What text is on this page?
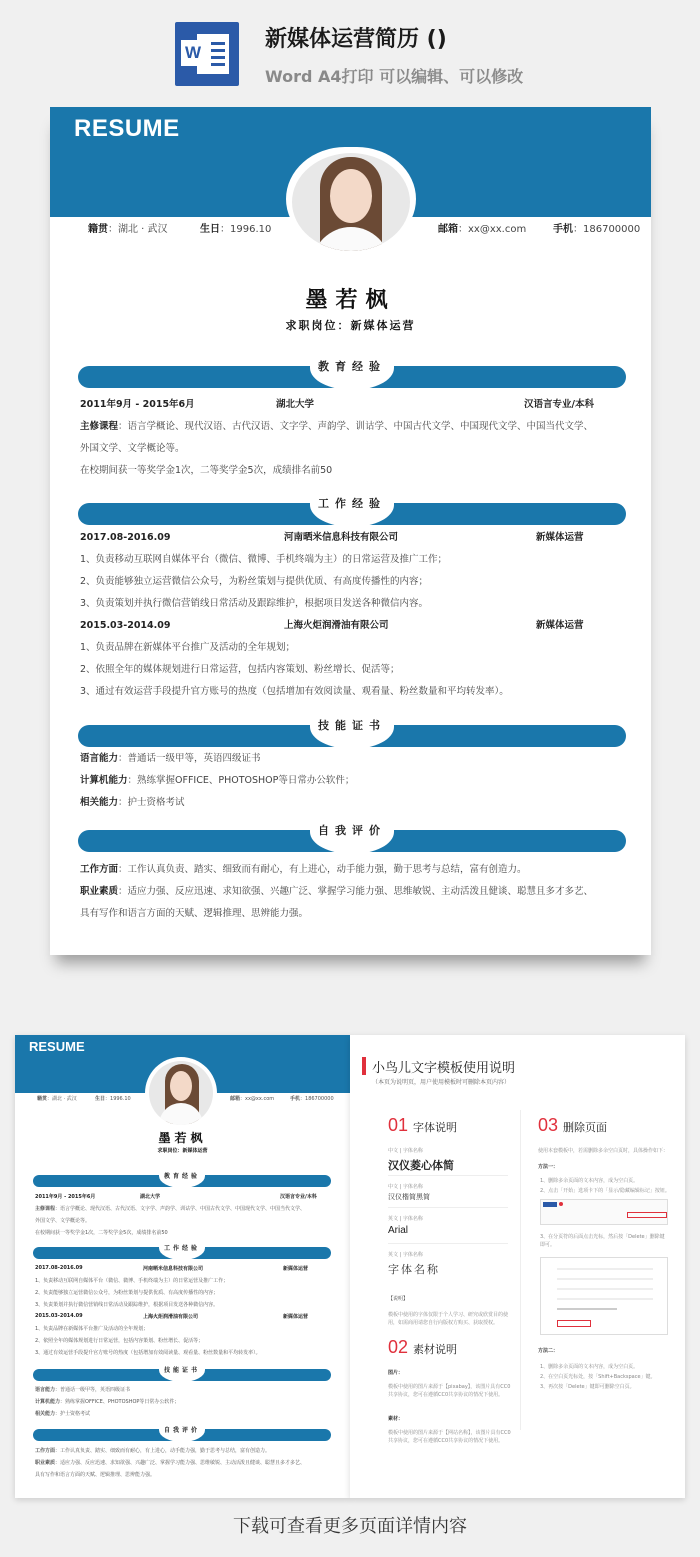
W
新媒体运营简历 ()
Word A4打印 可以编辑、可以修改
RESUME
籍贯：湖北 · 武汉	生日：1996.10	邮箱：xx@xx.com	手机：186700000
墨若枫
求职岗位：新媒体运营
教育经验
2011年9月 - 2015年6月	湖北大学	汉语言专业/本科
主修课程：语言学概论、现代汉语、古代汉语、文字学、声韵学、训诂学、中国古代文学、中国现代文学、中国当代文学、
外国文学、文学概论等。
在校期间获一等奖学金1次，二等奖学金5次，成绩排名前50
工作经验
2017.08-2016.09	河南晒米信息科技有限公司	新媒体运营
1、负责移动互联网自媒体平台（微信、微博、手机终端为主）的日常运营及推广工作；
2、负责能够独立运营微信公众号，为粉丝策划与提供优质、有高度传播性的内容；
3、负责策划并执行微信营销线日常活动及跟踪维护，根据项目发送各种微信内容。
2015.03-2014.09	上海火炬润滑油有限公司	新媒体运营
1、负责品牌在新媒体平台推广及活动的全年规划；
2、依照全年的媒体规划进行日常运营，包括内容策划、粉丝增长、促活等；
3、通过有效运营手段提升官方账号的热度（包括增加有效阅读量、观看量、粉丝数量和平均转发率）。
技能证书
语言能力：普通话一级甲等，英语四级证书
计算机能力：熟练掌握OFFICE、PHOTOSHOP等日常办公软件；
相关能力：护士资格考试
自我评价
工作方面：工作认真负责、踏实、细致而有耐心，有上进心，动手能力强，勤于思考与总结，富有创造力。
职业素质：适应力强、反应迅速、求知欲强、兴趣广泛、掌握学习能力强、思维敏锐、主动活泼且健谈、聪慧且多才多艺、
具有写作和语言方面的天赋、逻辑推理、思辨能力强。
RESUME
籍贯：湖北 · 武汉	生日：1996.10	邮箱：xx@xx.com	手机：186700000
墨若枫
求职岗位：新媒体运营
教育经验
2011年9月 - 2015年6月	湖北大学	汉语言专业/本科
主修课程：语言学概论、现代汉语、古代汉语、文字学、声韵学、训诂学、中国古代文学、中国现代文学、中国当代文学、
外国文学、文学概论等。
在校期间获一等奖学金1次，二等奖学金5次，成绩排名前50
工作经验
2017.08-2016.09	河南晒米信息科技有限公司	新媒体运营
1、负责移动互联网自媒体平台（微信、微博、手机终端为主）的日常运营及推广工作；
2、负责能够独立运营微信公众号，为粉丝策划与提供优质、有高度传播性的内容；
3、负责策划并执行微信营销线日常活动及跟踪维护，根据项目发送各种微信内容。
2015.03-2014.09	上海火炬润滑油有限公司	新媒体运营
1、负责品牌在新媒体平台推广及活动的全年规划；
2、依照全年的媒体规划进行日常运营，包括内容策划、粉丝增长、促活等；
3、通过有效运营手段提升官方账号的热度（包括增加有效阅读量、观看量、粉丝数量和平均转发率）。
技能证书
语言能力：普通话一级甲等，英语四级证书
计算机能力：熟练掌握OFFICE、PHOTOSHOP等日常办公软件；
相关能力：护士资格考试
自我评价
工作方面：工作认真负责、踏实、细致而有耐心，有上进心，动手能力强，勤于思考与总结，富有创造力。
职业素质：适应力强、反应迅速、求知欲强、兴趣广泛、掌握学习能力强、思维敏锐、主动活泼且健谈、聪慧且多才多艺、
具有写作和语言方面的天赋、逻辑推理、思辨能力强。
小鸟儿文字模板使用说明
（本页为说明页，用户使用模板时可删除本页内容）
01 字体说明
中文 | 字体名称
汉仪菱心体简
中文 | 字体名称
汉仪楷简黑简
英文 | 字体名称
Arial
英文 | 字体名称
字体名称
【说明】
模板中使用的字体仅限于个人学习、研究或欣赏目的使用，如需商用请您自行向版权方购买、获取授权。
02 素材说明
图片：
模板中使用的图片来源于【pixabay】，该图片具有CC0共享协议，您可在遵循CC0共享协议的情况下使用。
素材：
模板中使用的图片来源于【网站名称】，该图片具有CC0共享协议，您可在遵循CC0共享协议的情况下使用。
03 删除页面
使用本套模板中，若需删除多余空白页时，具体操作如下：
方法一：
1、删除多余页面的文本内容，成为空白页。
2、点击「开始」选项卡下的「显示/隐藏编辑标记」按钮。
3、在分页符的后面点击光标，然后按「Delete」删除键即可。
方法二：
1、删除多余页面的文本内容，成为空白页。
2、在空白页光标处，按「Shift+Backspace」键。
3、再次按「Delete」键即可删除空白页。
下载可查看更多页面详情内容
